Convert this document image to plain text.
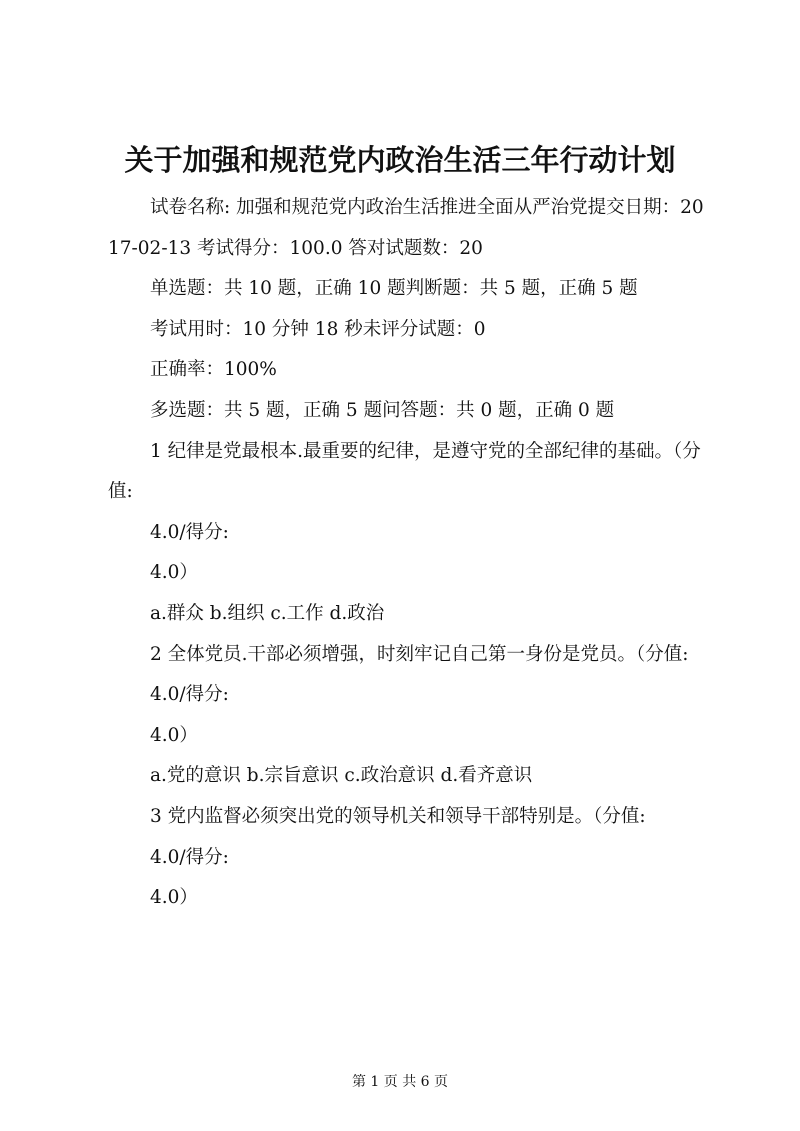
关于加强和规范党内政治生活三年行动计划

试卷名称: 加强和规范党内政治生活推进全面从严治党提交日期：2017-02-13 考试得分：100.0 答对试题数：20

单选题：共 10 题，正确 10 题判断题：共 5 题，正确 5 题

考试用时：10 分钟 18 秒未评分试题：0

正确率：100%

多选题：共 5 题，正确 5 题问答题：共 0 题，正确 0 题

1 纪律是党最根本.最重要的纪律，是遵守党的全部纪律的基础。（分值:

4.0/得分:

4.0）

a.群众 b.组织 c.工作 d.政治

2 全体党员.干部必须增强，时刻牢记自己第一身份是党员。（分值:

4.0/得分:

4.0）

a.党的意识 b.宗旨意识 c.政治意识 d.看齐意识

3 党内监督必须突出党的领导机关和领导干部特别是。（分值:

4.0/得分:

4.0）

第 1 页 共 6 页
